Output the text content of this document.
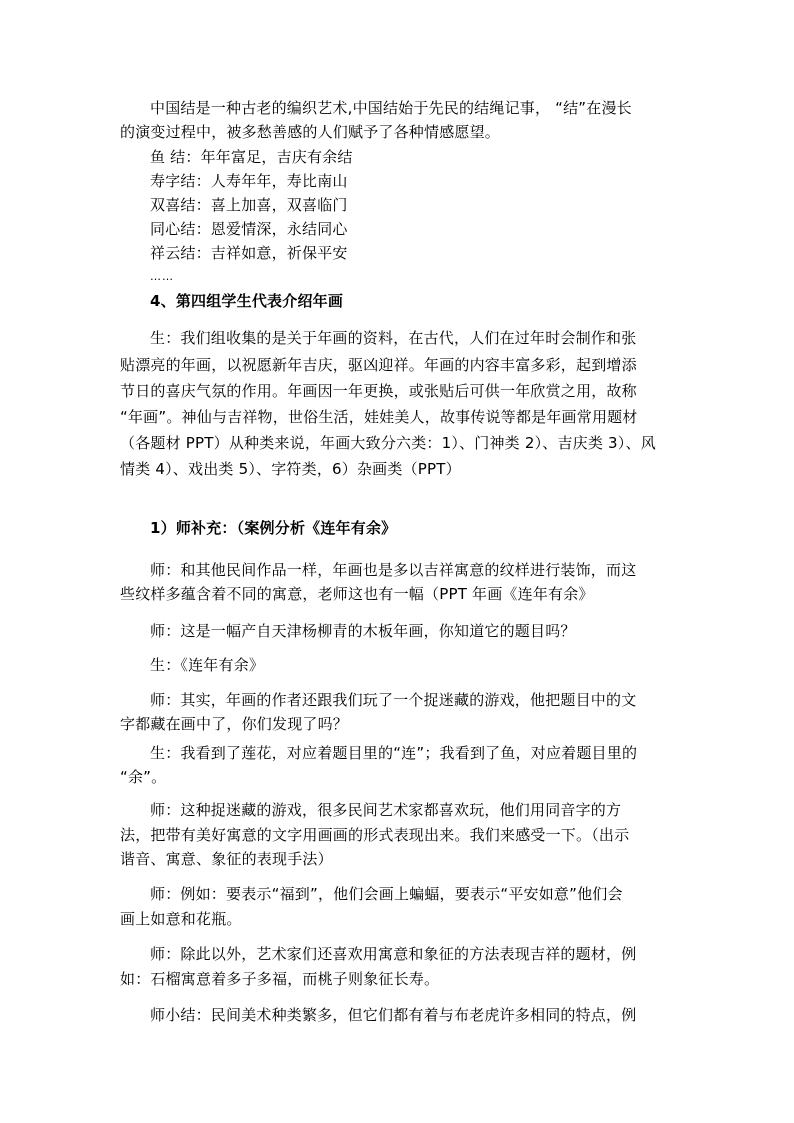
中国结是一种古老的编织艺术,中国结始于先民的结绳记事， “结”在漫长
的演变过程中，被多愁善感的人们赋予了各种情感愿望。
鱼 结：年年富足，吉庆有余结
寿字结：人寿年年，寿比南山
双喜结：喜上加喜，双喜临门
同心结：恩爱情深，永结同心
祥云结：吉祥如意，祈保平安
……
4、第四组学生代表介绍年画
生：我们组收集的是关于年画的资料，在古代，人们在过年时会制作和张
贴漂亮的年画，以祝愿新年吉庆，驱凶迎祥。年画的内容丰富多彩，起到增添
节日的喜庆气氛的作用。年画因一年更换，或张贴后可供一年欣赏之用，故称
“年画”。神仙与吉祥物，世俗生活，娃娃美人，故事传说等都是年画常用题材
（各题材 PPT）从种类来说，年画大致分六类：1）、门神类 2）、吉庆类 3）、风
情类 4）、戏出类 5）、字符类，6）杂画类（PPT）
1）师补充：（案例分析《连年有余》
师：和其他民间作品一样，年画也是多以吉祥寓意的纹样进行装饰，而这
些纹样多蕴含着不同的寓意，老师这也有一幅（PPT 年画《连年有余》
师：这是一幅产自天津杨柳青的木板年画，你知道它的题目吗？
生：《连年有余》
师：其实，年画的作者还跟我们玩了一个捉迷藏的游戏，他把题目中的文
字都藏在画中了，你们发现了吗？
生：我看到了莲花，对应着题目里的“连”；我看到了鱼，对应着题目里的
“余”。
师：这种捉迷藏的游戏，很多民间艺术家都喜欢玩，他们用同音字的方
法，把带有美好寓意的文字用画画的形式表现出来。我们来感受一下。（出示
谐音、寓意、象征的表现手法）
师：例如：要表示“福到”，他们会画上蝙蝠，要表示“平安如意”他们会
画上如意和花瓶。
师：除此以外，艺术家们还喜欢用寓意和象征的方法表现吉祥的题材，例
如：石榴寓意着多子多福，而桃子则象征长寿。
师小结：民间美术种类繁多，但它们都有着与布老虎许多相同的特点，例
